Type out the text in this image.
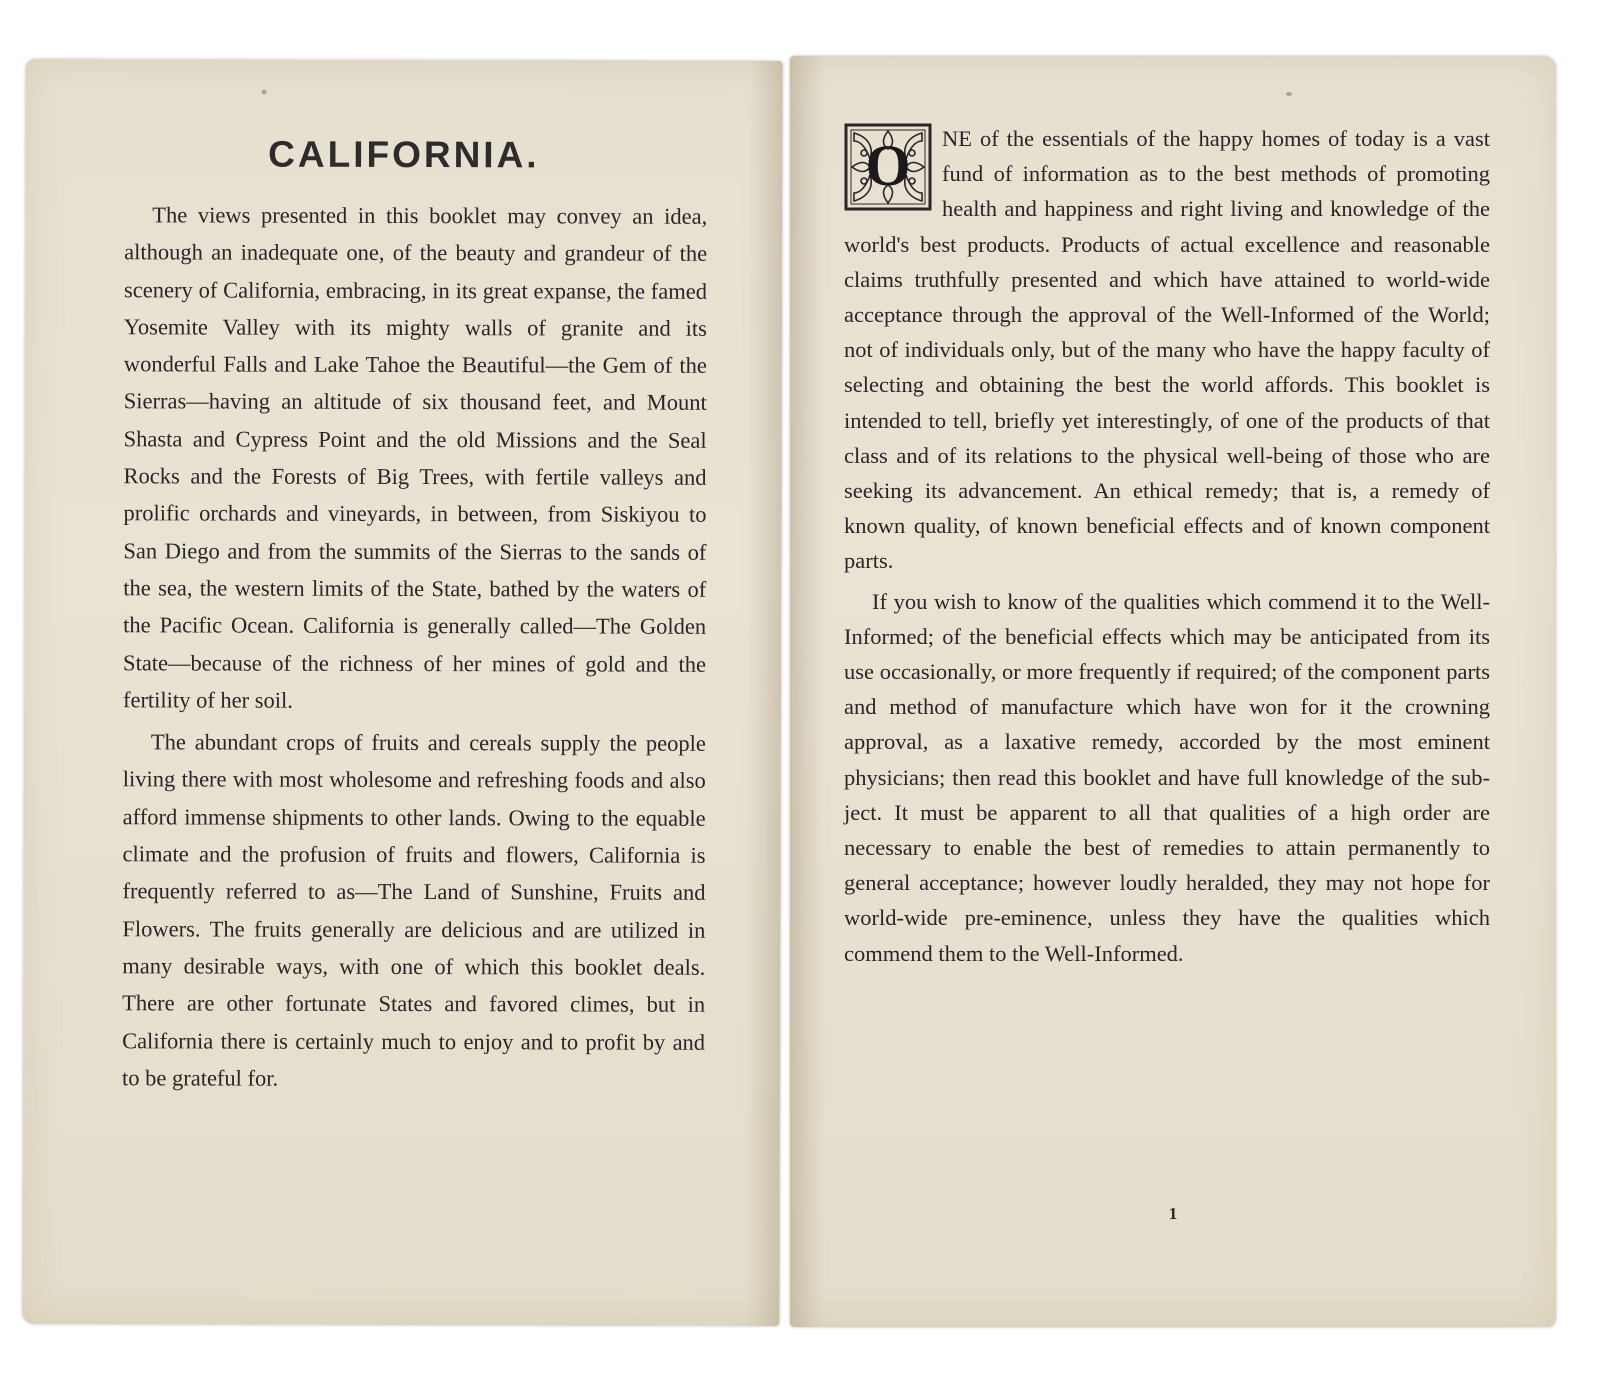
CALIFORNIA.

The views presented in this booklet may convey an idea, although an inadequate one, of the beauty and grandeur of the scenery of California, embracing, in its great expanse, the famed Yosemite Valley with its mighty walls of granite and its wonderful Falls and Lake Tahoe the Beautiful—the Gem of the Sierras—having an altitude of six thousand feet, and Mount Shasta and Cypress Point and the old Missions and the Seal Rocks and the Forests of Big Trees, with fertile valleys and prolific orchards and vineyards, in between, from Siskiyou to San Diego and from the summits of the Sierras to the sands of the sea, the western limits of the State, bathed by the waters of the Pacific Ocean. California is generally called—The Golden State—because of the richness of her mines of gold and the fertility of her soil.

The abundant crops of fruits and cereals supply the people living there with most wholesome and refreshing foods and also afford immense shipments to other lands. Owing to the equable climate and the profusion of fruits and flowers, California is frequently referred to as—The Land of Sunshine, Fruits and Flowers. The fruits generally are delicious and are utilized in many desirable ways, with one of which this booklet deals. There are other fortunate States and favored climes, but in California there is certainly much to enjoy and to profit by and to be grateful for.

O NE of the essentials of the happy homes of today is a vast fund of information as to the best methods of promoting health and happiness and right living and knowledge of the world's best products. Products of actual excellence and reasonable claims truthfully presented and which have attained to world-wide acceptance through the approval of the Well-Informed of the World; not of individuals only, but of the many who have the happy faculty of selecting and obtaining the best the world affords. This booklet is intended to tell, briefly yet interestingly, of one of the products of that class and of its relations to the physical well-being of those who are seeking its advancement. An ethical remedy; that is, a remedy of known quality, of known beneficial effects and of known component parts.

If you wish to know of the qualities which commend it to the Well-Informed; of the beneficial effects which may be anticipated from its use occasionally, or more frequently if required; of the component parts and method of manufacture which have won for it the crowning approval, as a laxative remedy, accorded by the most eminent physicians; then read this booklet and have full knowledge of the subject. It must be apparent to all that qualities of a high order are necessary to enable the best of remedies to attain permanently to general acceptance; however loudly heralded, they may not hope for world-wide pre-eminence, unless they have the qualities which commend them to the Well-Informed.

1
